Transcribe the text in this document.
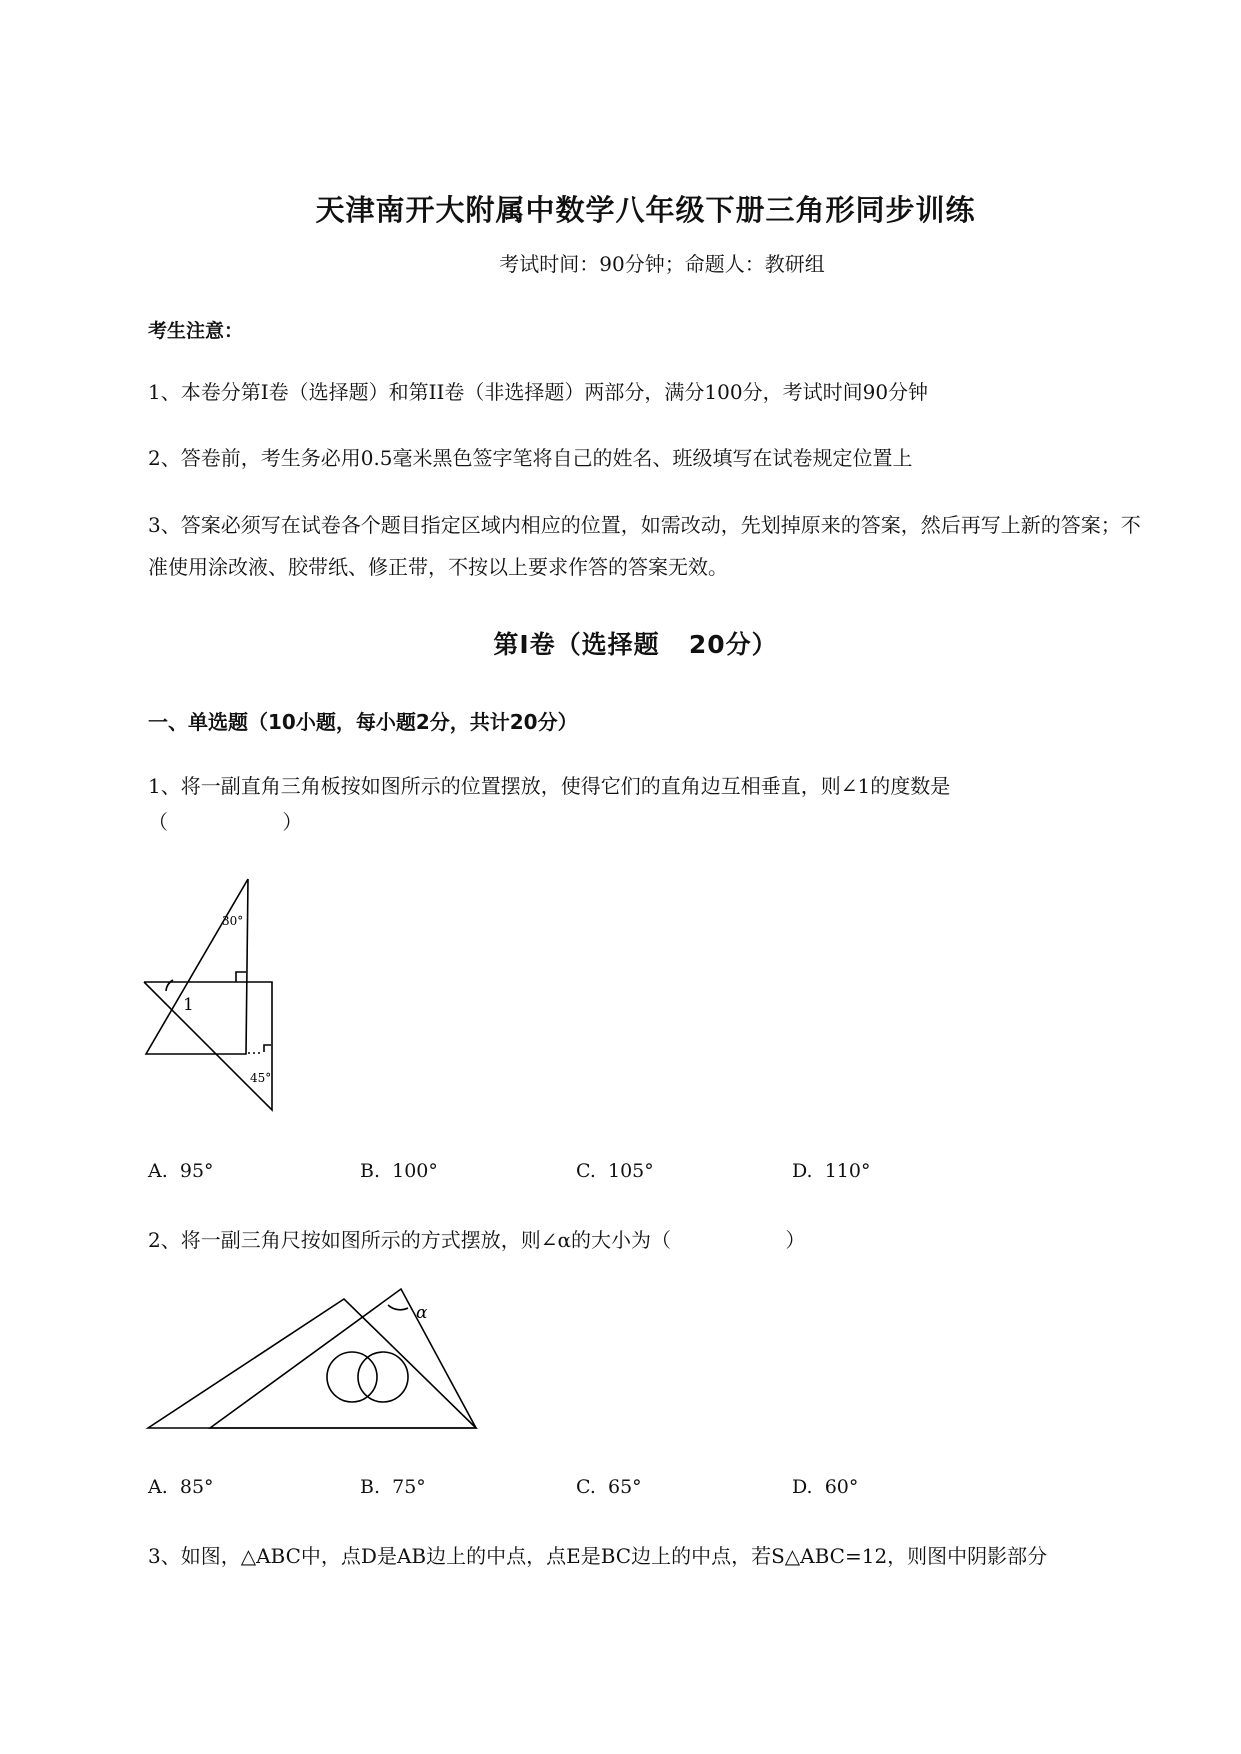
天津南开大附属中数学八年级下册三角形同步训练
考试时间：90分钟；命题人：教研组
考生注意：
1、本卷分第I卷（选择题）和第II卷（非选择题）两部分，满分100分，考试时间90分钟
2、答卷前，考生务必用0.5毫米黑色签字笔将自己的姓名、班级填写在试卷规定位置上
3、答案必须写在试卷各个题目指定区域内相应的位置，如需改动，先划掉原来的答案，然后再写上新的答案；不准使用涂改液、胶带纸、修正带，不按以上要求作答的答案无效。
第I卷（选择题 20分）
一、单选题（10小题，每小题2分，共计20分）
1、将一副直角三角板按如图所示的位置摆放，使得它们的直角边互相垂直，则∠1的度数是
（                  ）
30°
45°
1
A. 95°	B. 100°	C. 105°	D. 110°
2、将一副三角尺按如图所示的方式摆放，则∠α的大小为（                  ）
α
A. 85°	B. 75°	C. 65°	D. 60°
3、如图，△ABC中，点D是AB边上的中点，点E是BC边上的中点，若S△ABC=12，则图中阴影部分
